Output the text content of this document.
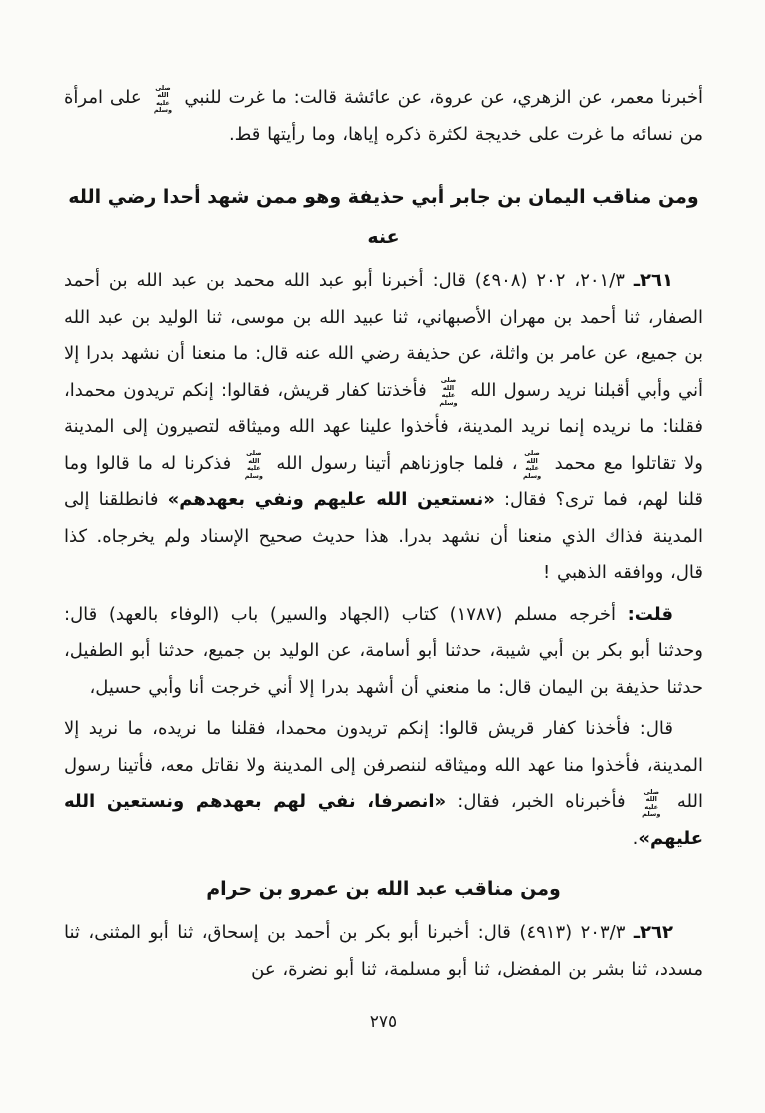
أخبرنا معمر، عن الزهري، عن عروة، عن عائشة قالت: ما غرت للنبي صلى الله عليه وسلم على امرأة من نسائه ما غرت على خديجة لكثرة ذكره إياها، وما رأيتها قط.

ومن مناقب اليمان بن جابر أبي حذيفة وهو ممن شهد أحدا رضي الله عنه

٢٦١ـ ٢٠١/٣، ٢٠٢ (٤٩٠٨) قال: أخبرنا أبو عبد الله محمد بن عبد الله بن أحمد الصفار، ثنا أحمد بن مهران الأصبهاني، ثنا عبيد الله بن موسى، ثنا الوليد بن عبد الله بن جميع، عن عامر بن واثلة، عن حذيفة رضي الله عنه قال: ما منعنا أن نشهد بدرا إلا أني وأبي أقبلنا نريد رسول الله صلى الله عليه وسلم فأخذتنا كفار قريش، فقالوا: إنكم تريدون محمدا، فقلنا: ما نريده إنما نريد المدينة، فأخذوا علينا عهد الله وميثاقه لتصيرون إلى المدينة ولا تقاتلوا مع محمد صلى الله عليه وسلم، فلما جاوزناهم أتينا رسول الله صلى الله عليه وسلم فذكرنا له ما قالوا وما قلنا لهم، فما ترى؟ فقال: «نستعين الله عليهم ونفي بعهدهم» فانطلقنا إلى المدينة فذاك الذي منعنا أن نشهد بدرا. هذا حديث صحيح الإسناد ولم يخرجاه. كذا قال، ووافقه الذهبي !

قلت: أخرجه مسلم (١٧٨٧) كتاب (الجهاد والسير) باب (الوفاء بالعهد) قال: وحدثنا أبو بكر بن أبي شيبة، حدثنا أبو أسامة، عن الوليد بن جميع، حدثنا أبو الطفيل، حدثنا حذيفة بن اليمان قال: ما منعني أن أشهد بدرا إلا أني خرجت أنا وأبي حسيل،

قال: فأخذنا كفار قريش قالوا: إنكم تريدون محمدا، فقلنا ما نريده، ما نريد إلا المدينة، فأخذوا منا عهد الله وميثاقه لننصرفن إلى المدينة ولا نقاتل معه، فأتينا رسول الله صلى الله عليه وسلم فأخبرناه الخبر، فقال: «انصرفا، نفي لهم بعهدهم ونستعين الله عليهم».

ومن مناقب عبد الله بن عمرو بن حرام

٢٦٢ـ ٢٠٣/٣ (٤٩١٣) قال: أخبرنا أبو بكر بن أحمد بن إسحاق، ثنا أبو المثنى، ثنا مسدد، ثنا بشر بن المفضل، ثنا أبو مسلمة، ثنا أبو نضرة، عن

٢٧٥
